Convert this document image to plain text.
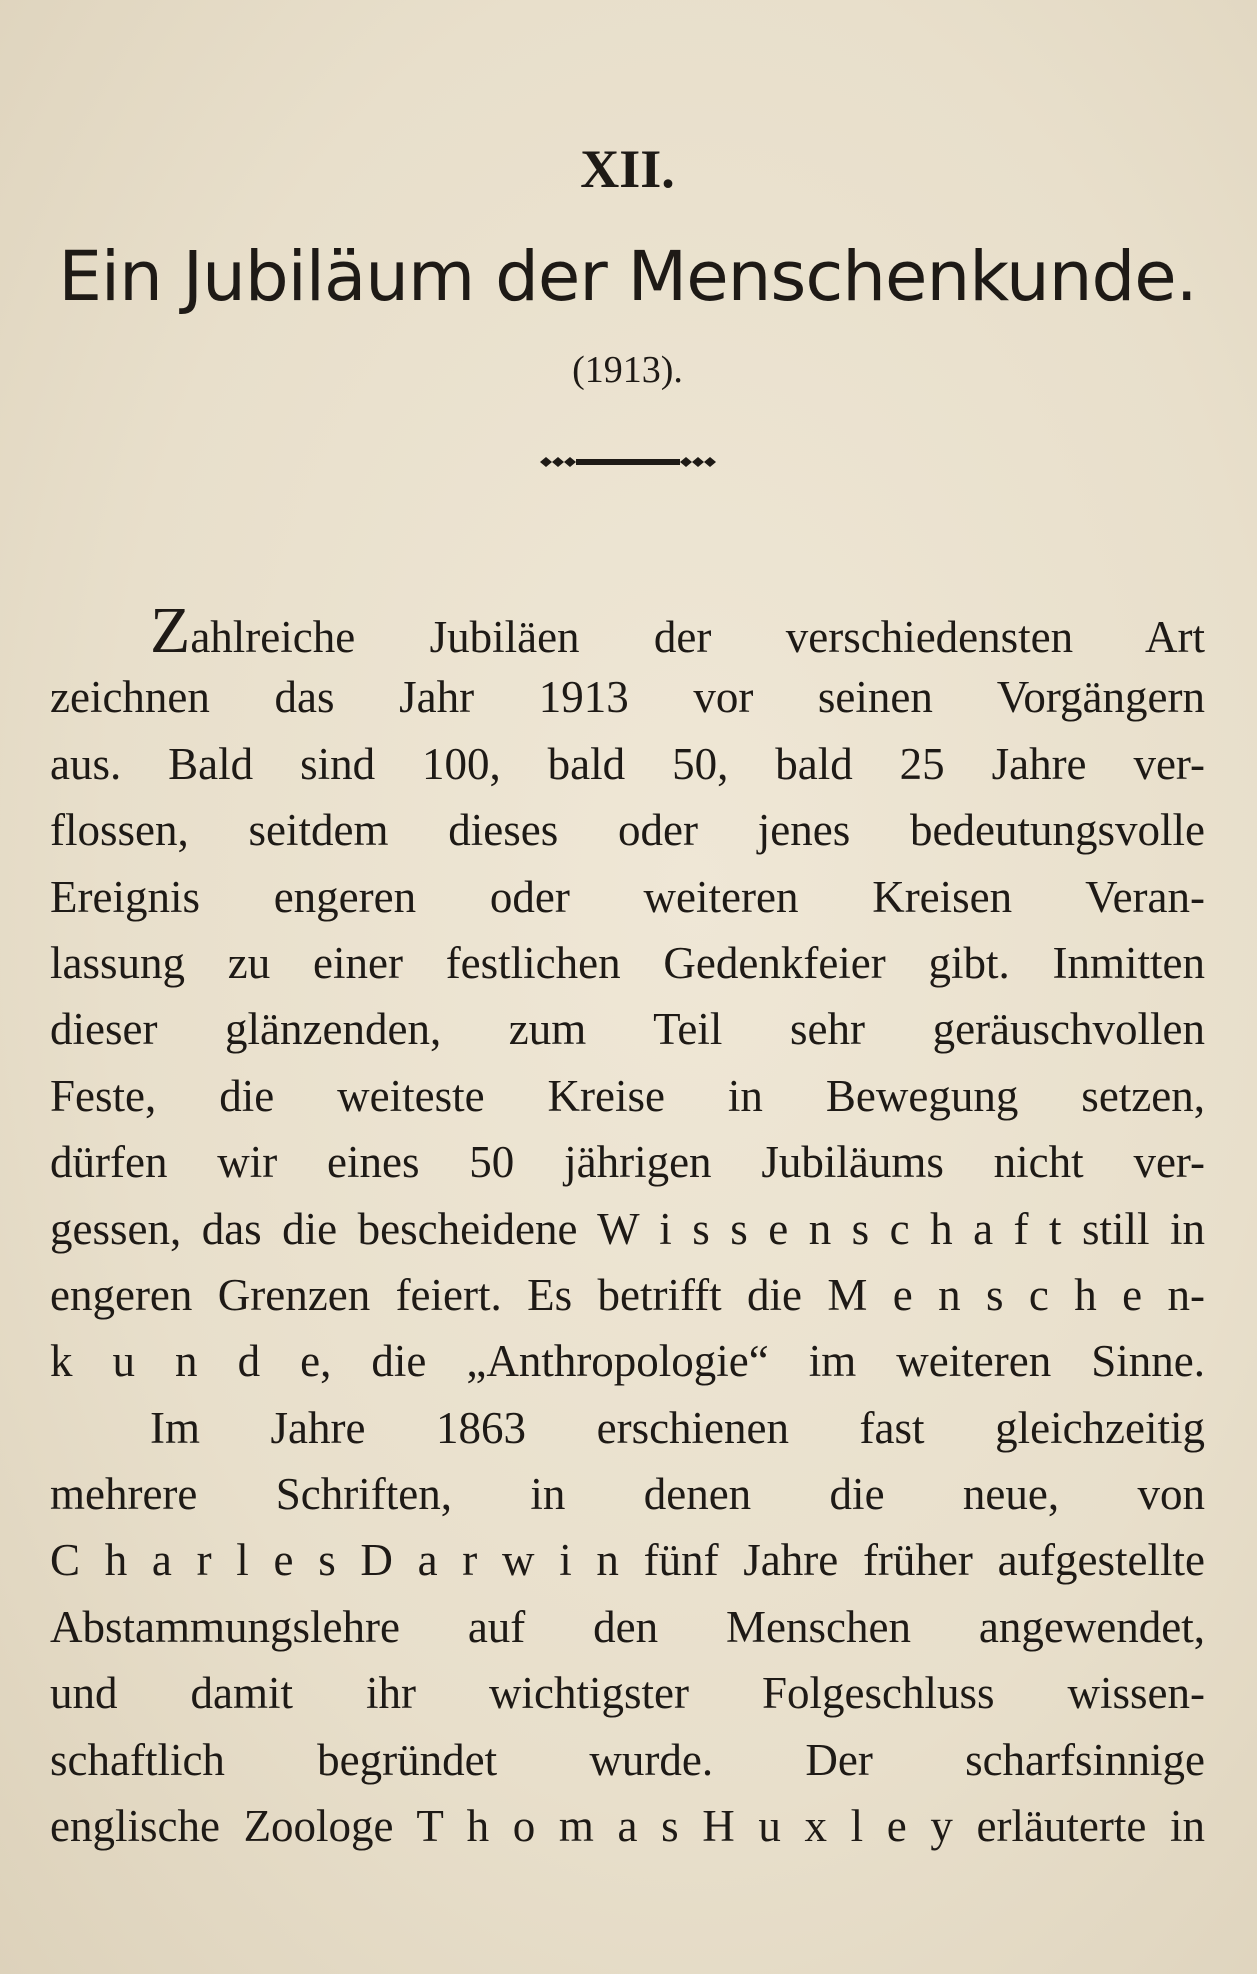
XII.
Ein Jubiläum der Menschenkunde.
(1913).
Zahlreiche Jubiläen der verschiedensten Art
zeichnen das Jahr 1913 vor seinen Vorgängern
aus. Bald sind 100, bald 50, bald 25 Jahre ver-
flossen, seitdem dieses oder jenes bedeutungsvolle
Ereignis engeren oder weiteren Kreisen Veran-
lassung zu einer festlichen Gedenkfeier gibt. Inmitten
dieser glänzenden, zum Teil sehr geräuschvollen
Feste, die weiteste Kreise in Bewegung setzen,
dürfen wir eines 50 jährigen Jubiläums nicht ver-
gessen, das die bescheidene W i s s e n s c h a f t still in
engeren Grenzen feiert. Es betrifft die M e n s c h e n-
k u n d e, die „Anthropologie“ im weiteren Sinne.
Im Jahre 1863 erschienen fast gleichzeitig
mehrere Schriften, in denen die neue, von
C h a r l e s D a r w i n fünf Jahre früher aufgestellte
Abstammungslehre auf den Menschen angewendet,
und damit ihr wichtigster Folgeschluss wissen-
schaftlich begründet wurde. Der scharfsinnige
englische Zoologe T h o m a s H u x l e y erläuterte in
